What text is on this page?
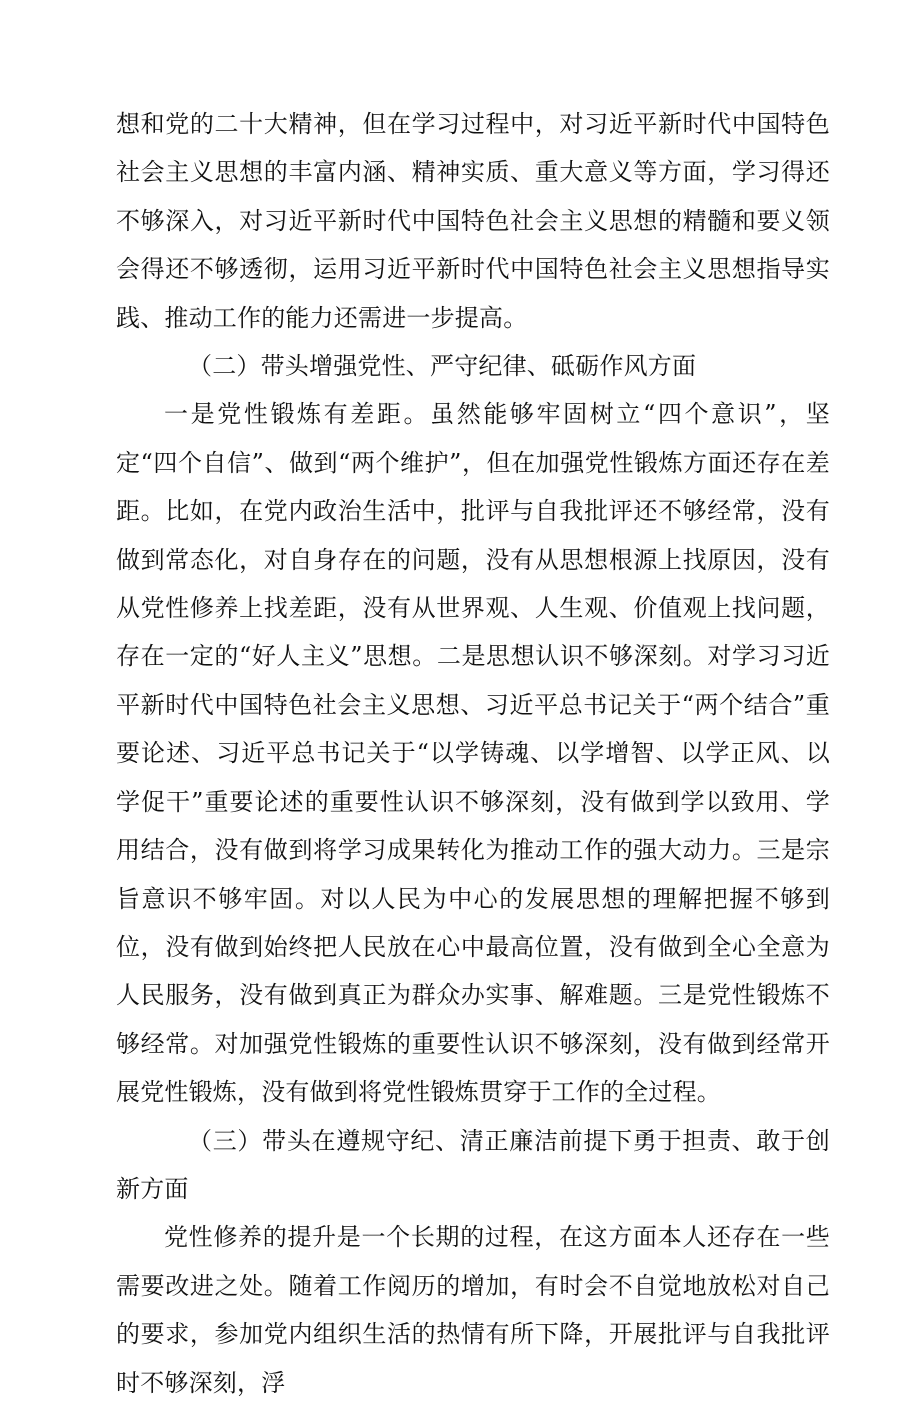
想和党的二十大精神，但在学习过程中，对习近平新时代中国特色社会主义思想的丰富内涵、精神实质、重大意义等方面，学习得还不够深入，对习近平新时代中国特色社会主义思想的精髓和要义领会得还不够透彻，运用习近平新时代中国特色社会主义思想指导实践、推动工作的能力还需进一步提高。

（二）带头增强党性、严守纪律、砥砺作风方面

一是党性锻炼有差距。虽然能够牢固树立“四个意识”，坚定“四个自信”、做到“两个维护”，但在加强党性锻炼方面还存在差距。比如，在党内政治生活中，批评与自我批评还不够经常，没有做到常态化，对自身存在的问题，没有从思想根源上找原因，没有从党性修养上找差距，没有从世界观、人生观、价值观上找问题，存在一定的“好人主义”思想。二是思想认识不够深刻。对学习习近平新时代中国特色社会主义思想、习近平总书记关于“两个结合”重要论述、习近平总书记关于“以学铸魂、以学增智、以学正风、以学促干”重要论述的重要性认识不够深刻，没有做到学以致用、学用结合，没有做到将学习成果转化为推动工作的强大动力。三是宗旨意识不够牢固。对以人民为中心的发展思想的理解把握不够到位，没有做到始终把人民放在心中最高位置，没有做到全心全意为人民服务，没有做到真正为群众办实事、解难题。三是党性锻炼不够经常。对加强党性锻炼的重要性认识不够深刻，没有做到经常开展党性锻炼，没有做到将党性锻炼贯穿于工作的全过程。

（三）带头在遵规守纪、清正廉洁前提下勇于担责、敢于创新方面

党性修养的提升是一个长期的过程，在这方面本人还存在一些需要改进之处。随着工作阅历的增加，有时会不自觉地放松对自己的要求，参加党内组织生活的热情有所下降，开展批评与自我批评时不够深刻，浮
